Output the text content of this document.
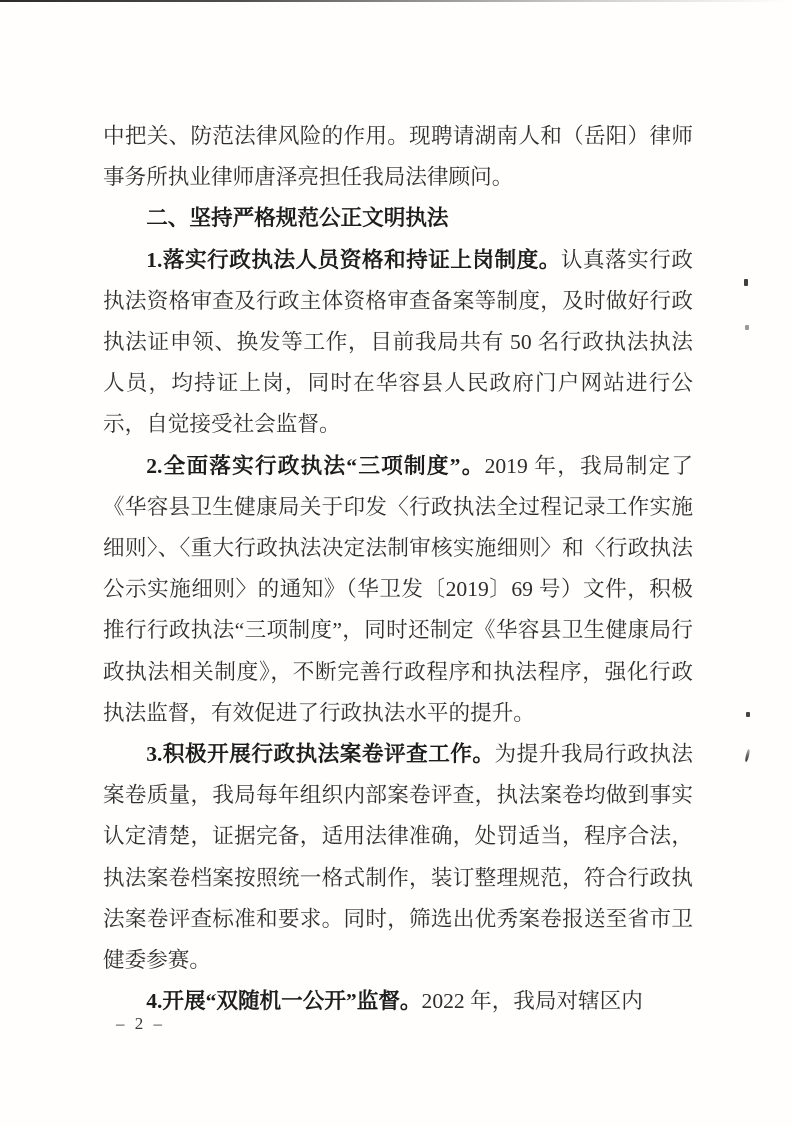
中把关、防范法律风险的作用。现聘请湖南人和（岳阳）律师事务所执业律师唐泽亮担任我局法律顾问。

二、坚持严格规范公正文明执法

1.落实行政执法人员资格和持证上岗制度。认真落实行政执法资格审查及行政主体资格审查备案等制度，及时做好行政执法证申领、换发等工作，目前我局共有 50 名行政执法执法人员，均持证上岗，同时在华容县人民政府门户网站进行公示，自觉接受社会监督。

2.全面落实行政执法“三项制度”。2019 年，我局制定了《华容县卫生健康局关于印发〈行政执法全过程记录工作实施细则〉、〈重大行政执法决定法制审核实施细则〉和〈行政执法公示实施细则〉的通知》（华卫发〔2019〕69 号）文件，积极推行行政执法“三项制度”，同时还制定《华容县卫生健康局行政执法相关制度》，不断完善行政程序和执法程序，强化行政执法监督，有效促进了行政执法水平的提升。

3.积极开展行政执法案卷评查工作。为提升我局行政执法案卷质量，我局每年组织内部案卷评查，执法案卷均做到事实认定清楚，证据完备，适用法律准确，处罚适当，程序合法，执法案卷档案按照统一格式制作，装订整理规范，符合行政执法案卷评查标准和要求。同时，筛选出优秀案卷报送至省市卫健委参赛。

4.开展“双随机一公开”监督。2022 年，我局对辖区内

– 2 –
